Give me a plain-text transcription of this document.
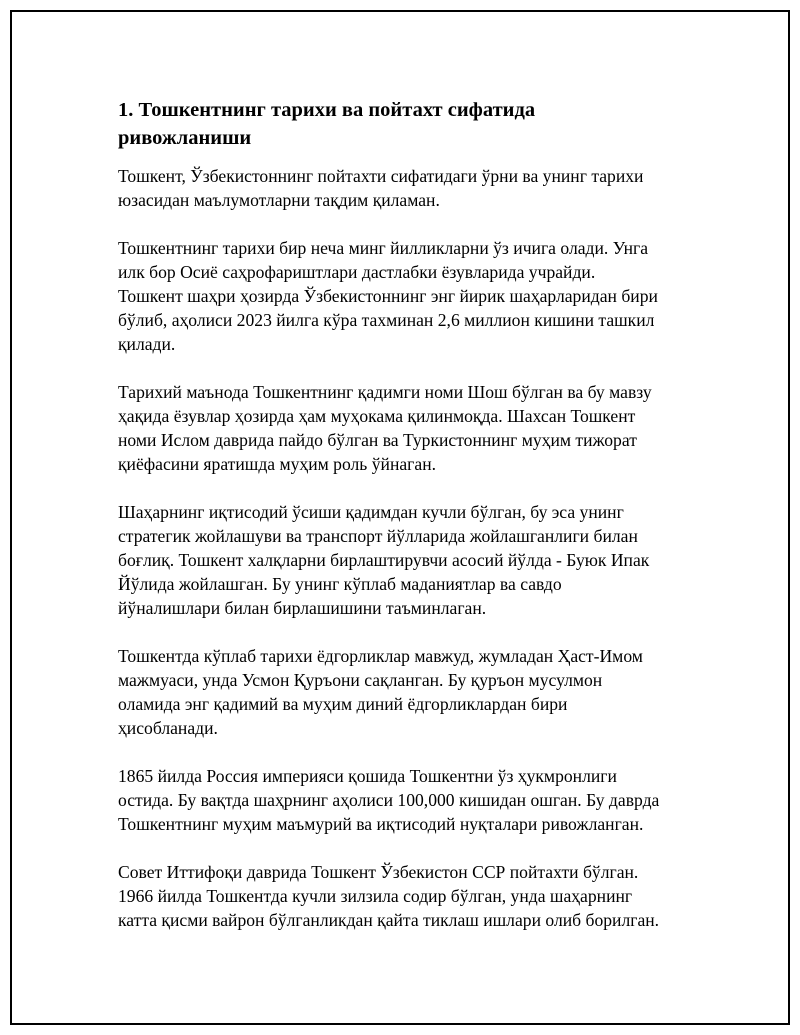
1. Тошкентнинг тарихи ва пойтахт сифатида
ривожланиши

Тошкент, Ўзбекистоннинг пойтахти сифатидаги ўрни ва унинг тарихи
юзасидан маълумотларни тақдим қиламан.

Тошкентнинг тарихи бир неча минг йилликларни ўз ичига олади. Унга
илк бор Осиё саҳрофариштлари дастлабки ёзувларида учрайди.
Тошкент шаҳри ҳозирда Ўзбекистоннинг энг йирик шаҳарларидан бири
бўлиб, аҳолиси 2023 йилга кўра тахминан 2,6 миллион кишини ташкил
қилади.

Тарихий маънода Тошкентнинг қадимги номи Шош бўлган ва бу мавзу
ҳақида ёзувлар ҳозирда ҳам муҳокама қилинмоқда. Шахсан Тошкент
номи Ислом даврида пайдо бўлган ва Туркистоннинг муҳим тижорат
қиёфасини яратишда муҳим роль ўйнаган.

Шаҳарнинг иқтисодий ўсиши қадимдан кучли бўлган, бу эса унинг
стратегик жойлашуви ва транспорт йўлларида жойлашганлиги билан
боғлиқ. Тошкент халқларни бирлаштирувчи асосий йўлда - Буюк Ипак
Йўлида жойлашган. Бу унинг кўплаб маданиятлар ва савдо
йўналишлари билан бирлашишини таъминлаган.

Тошкентда кўплаб тарихи ёдгорликлар мавжуд, жумладан Ҳаст-Имом
мажмуаси, унда Усмон Қуръони сақланган. Бу қуръон мусулмон
оламида энг қадимий ва муҳим диний ёдгорликлардан бири
ҳисобланади.

1865 йилда Россия империяси қошида Тошкентни ўз ҳукмронлиги
остида. Бу вақтда шаҳрнинг аҳолиси 100,000 кишидан ошган. Бу даврда
Тошкентнинг муҳим маъмурий ва иқтисодий нуқталари ривожланган.

Совет Иттифоқи даврида Тошкент Ўзбекистон ССР пойтахти бўлган.
1966 йилда Тошкентда кучли зилзила содир бўлган, унда шаҳарнинг
катта қисми вайрон бўлганликдан қайта тиклаш ишлари олиб борилган.
